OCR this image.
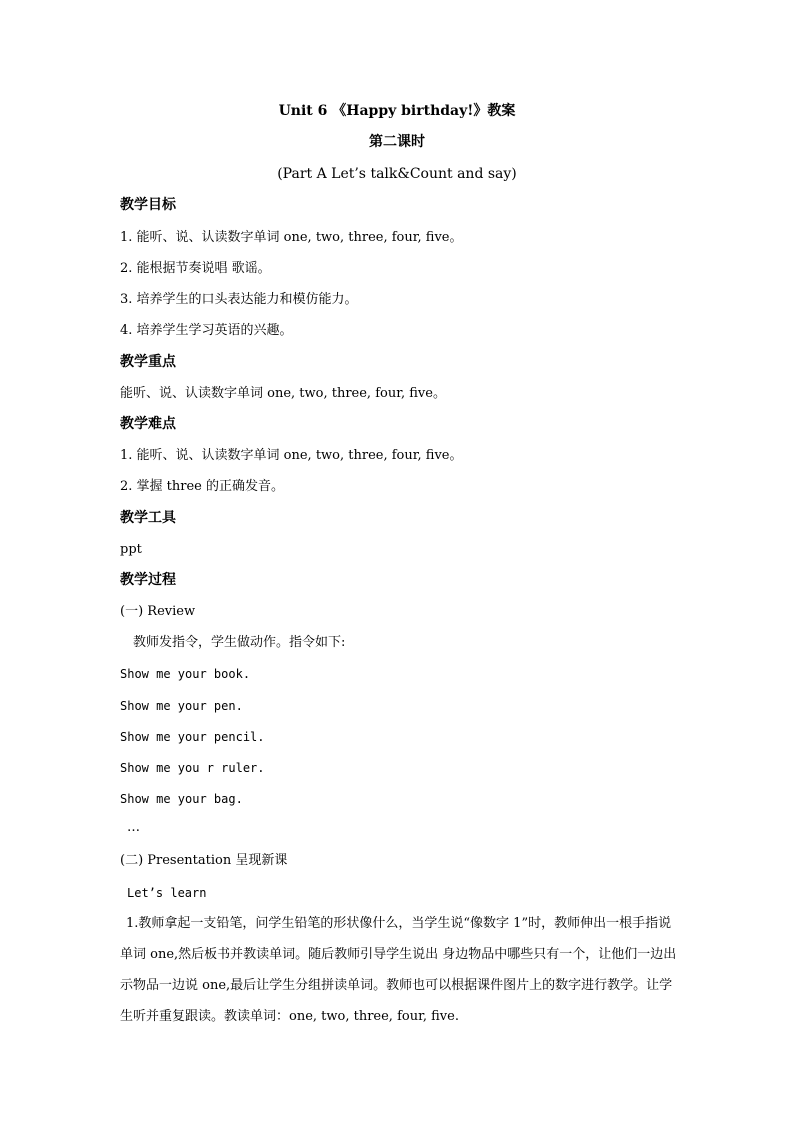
Unit 6 《Happy birthday!》教案
第二课时
(Part A Let’s talk&Count and say)
教学目标
1. 能听、说、认读数字单词 one, two, three, four, five。
2. 能根据节奏说唱 歌谣。
3. 培养学生的口头表达能力和模仿能力。
4. 培养学生学习英语的兴趣。
教学重点
能听、说、认读数字单词 one, two, three, four, five。
教学难点
1. 能听、说、认读数字单词 one, two, three, four, five。
2. 掌握 three 的正确发音。
教学工具
ppt
教学过程
(一) Review
教师发指令，学生做动作。指令如下:
Show me your book.
Show me your pen.
Show me your pencil.
Show me you r ruler.
Show me your bag.
…
(二) Presentation 呈现新课
Let’s learn
1.教师拿起一支铅笔，问学生铅笔的形状像什么，当学生说“像数字 1”时，教师伸出一根手指说单词 one,然后板书并教读单词。随后教师引导学生说出 身边物品中哪些只有一个，让他们一边出示物品一边说 one,最后让学生分组拼读单词。教师也可以根据课件图片上的数字进行教学。让学生听并重复跟读。教读单词：one, two, three, four, five.
